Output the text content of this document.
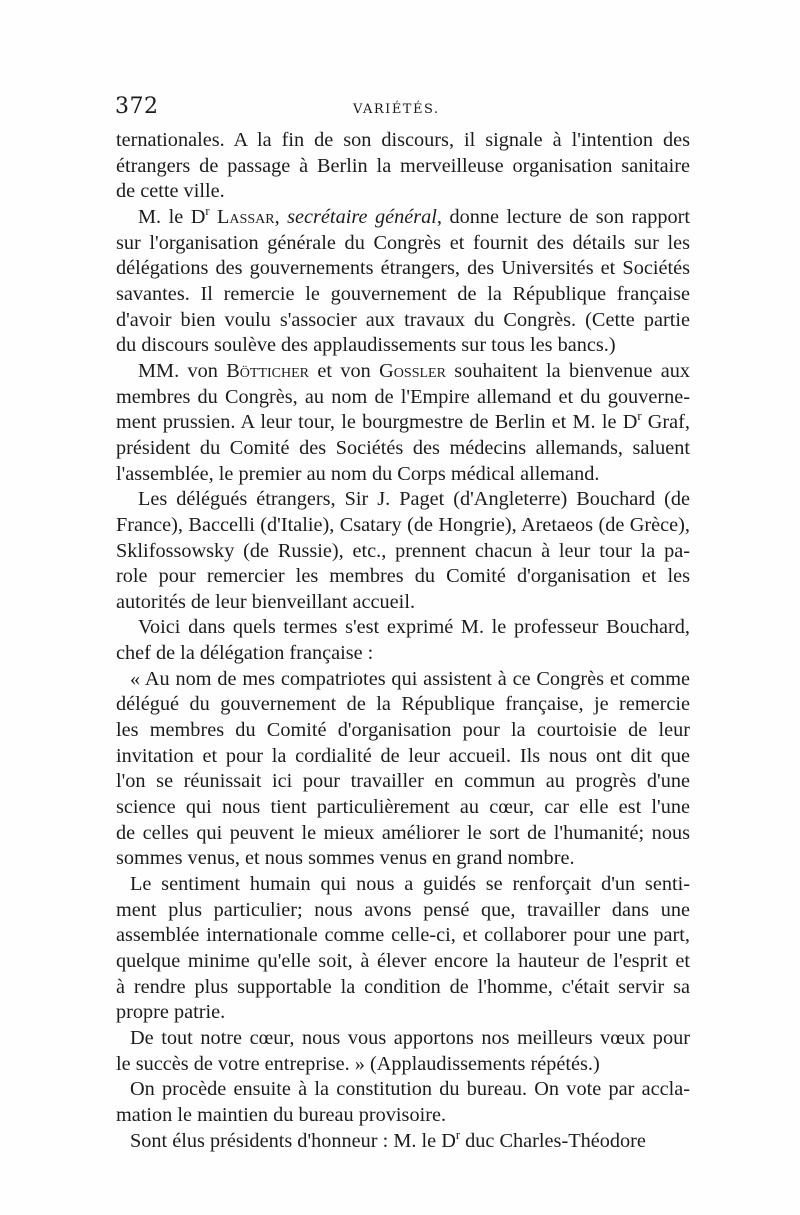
372	VARIÉTÉS.
ternationales. A la fin de son discours, il signale à l'intention des
étrangers de passage à Berlin la merveilleuse organisation sanitaire
de cette ville.
M. le $D^r$ Lassar, secrétaire général, donne lecture de son rapport
sur l'organisation générale du Congrès et fournit des détails sur les
délégations des gouvernements étrangers, des Universités et Sociétés
savantes. Il remercie le gouvernement de la République française
d'avoir bien voulu s'associer aux travaux du Congrès. (Cette partie
du discours soulève des applaudissements sur tous les bancs.)
MM. von Bötticher et von Gossler souhaitent la bienvenue aux
membres du Congrès, au nom de l'Empire allemand et du gouverne-
ment prussien. A leur tour, le bourgmestre de Berlin et M. le $D^r$ Graf,
président du Comité des Sociétés des médecins allemands, saluent
l'assemblée, le premier au nom du Corps médical allemand.
Les délégués étrangers, Sir J. Paget (d'Angleterre) Bouchard (de
France), Baccelli (d'Italie), Csatary (de Hongrie), Aretaeos (de Grèce),
Sklifossowsky (de Russie), etc., prennent chacun à leur tour la pa-
role pour remercier les membres du Comité d'organisation et les
autorités de leur bienveillant accueil.
Voici dans quels termes s'est exprimé M. le professeur Bouchard,
chef de la délégation française :
« Au nom de mes compatriotes qui assistent à ce Congrès et comme
délégué du gouvernement de la République française, je remercie
les membres du Comité d'organisation pour la courtoisie de leur
invitation et pour la cordialité de leur accueil. Ils nous ont dit que
l'on se réunissait ici pour travailler en commun au progrès d'une
science qui nous tient particulièrement au cœur, car elle est l'une
de celles qui peuvent le mieux améliorer le sort de l'humanité; nous
sommes venus, et nous sommes venus en grand nombre.
Le sentiment humain qui nous a guidés se renforçait d'un senti-
ment plus particulier; nous avons pensé que, travailler dans une
assemblée internationale comme celle-ci, et collaborer pour une part,
quelque minime qu'elle soit, à élever encore la hauteur de l'esprit et
à rendre plus supportable la condition de l'homme, c'était servir sa
propre patrie.
De tout notre cœur, nous vous apportons nos meilleurs vœux pour
le succès de votre entreprise. » (Applaudissements répétés.)
On procède ensuite à la constitution du bureau. On vote par accla-
mation le maintien du bureau provisoire.
Sont élus présidents d'honneur : M. le $D^r$ duc Charles-Théodore
